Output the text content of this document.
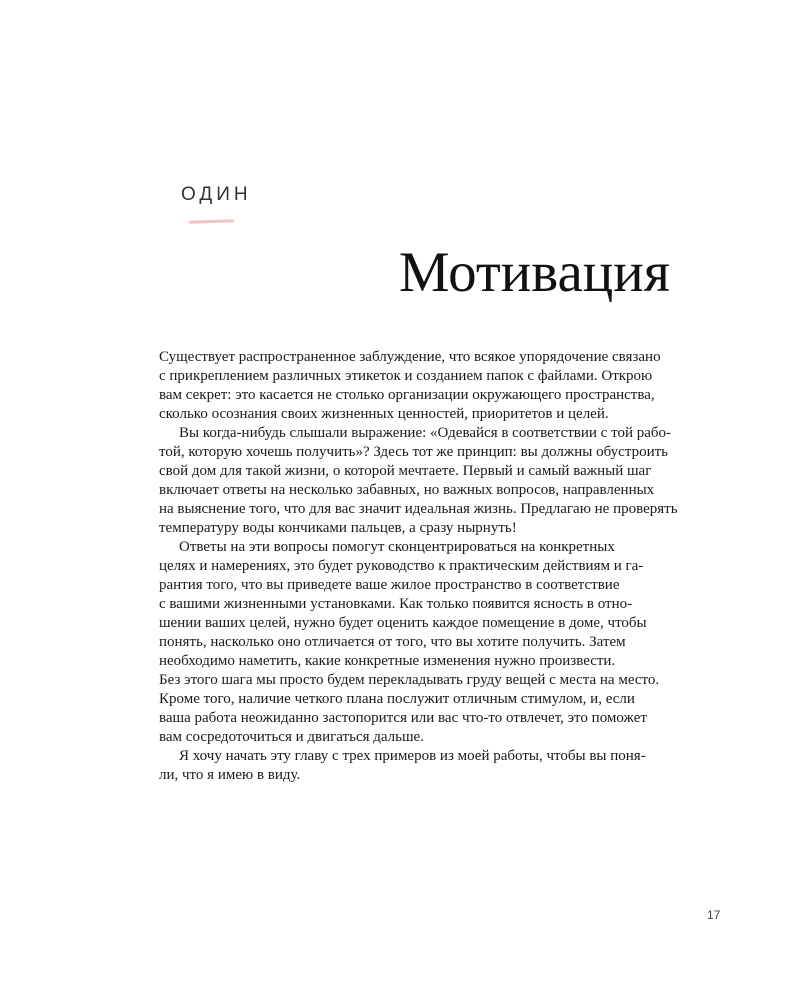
ОДИН
Мотивация

Существует распространенное заблуждение, что всякое упорядочение связано
с прикреплением различных этикеток и созданием папок с файлами. Открою
вам секрет: это касается не столько организации окружающего пространства,
сколько осознания своих жизненных ценностей, приоритетов и целей.

Вы когда-нибудь слышали выражение: «Одевайся в соответствии с той рабо-
той, которую хочешь получить»? Здесь тот же принцип: вы должны обустроить
свой дом для такой жизни, о которой мечтаете. Первый и самый важный шаг
включает ответы на несколько забавных, но важных вопросов, направленных
на выяснение того, что для вас значит идеальная жизнь. Предлагаю не проверять
температуру воды кончиками пальцев, а сразу нырнуть!

Ответы на эти вопросы помогут сконцентрироваться на конкретных
целях и намерениях, это будет руководство к практическим действиям и га-
рантия того, что вы приведете ваше жилое пространство в соответствие
с вашими жизненными установками. Как только появится ясность в отно-
шении ваших целей, нужно будет оценить каждое помещение в доме, чтобы
понять, насколько оно отличается от того, что вы хотите получить. Затем
необходимо наметить, какие конкретные изменения нужно произвести.
Без этого шага мы просто будем перекладывать груду вещей с места на место.
Кроме того, наличие четкого плана послужит отличным стимулом, и, если
ваша работа неожиданно застопорится или вас что-то отвлечет, это поможет
вам сосредоточиться и двигаться дальше.

Я хочу начать эту главу с трех примеров из моей работы, чтобы вы поня-
ли, что я имею в виду.

17
